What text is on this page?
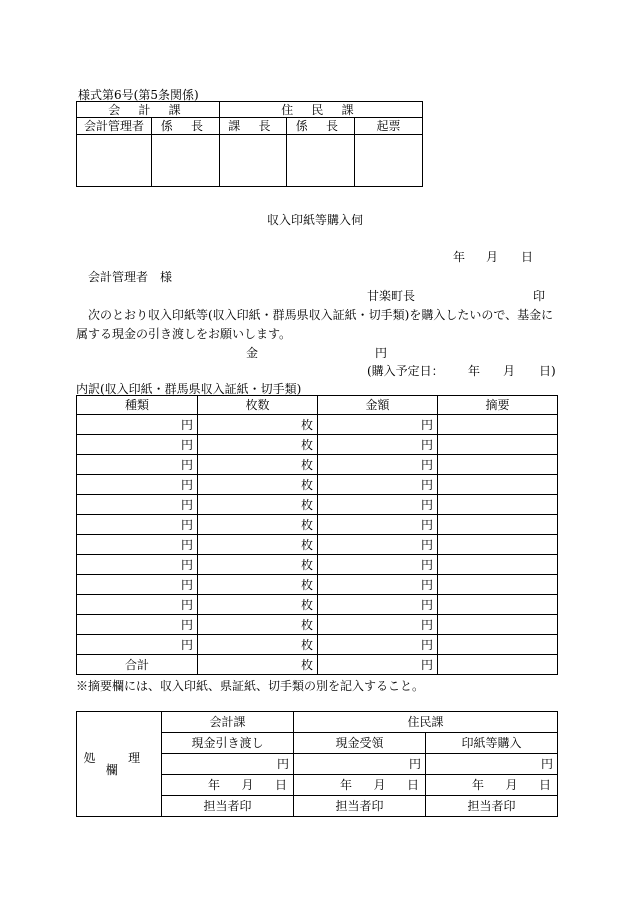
様式第6号(第5条関係)
会 計 課		住 民 課		
会計管理者	係 長	課 長	係 長	起票

収入印紙等購入伺
年 月 日
会計管理者　様
甘楽町長	印
次のとおり収入印紙等(収入印紙・群馬県収入証紙・切手類)を購入したいので、基金に
属する現金の引き渡しをお願いします。
金	円
(購入予定日： 年 月 日)
内訳(収入印紙・群馬県収入証紙・切手類)
種類	枚数	金額	摘要
円	枚	円	
円	枚	円	
円	枚	円	
円	枚	円	
円	枚	円	
円	枚	円	
円	枚	円	
円	枚	円	
円	枚	円	
円	枚	円	
円	枚	円	
円	枚	円	
合計	枚	円	
※摘要欄には、収入印紙、県証紙、切手類の別を記入すること。
処 理 欄	会計課	住民課	
	現金引き渡し	現金受領	印紙等購入
	円	円	円

	年 月 日	年 月 日	年 月 日

	担当者印	担当者印	担当者印
